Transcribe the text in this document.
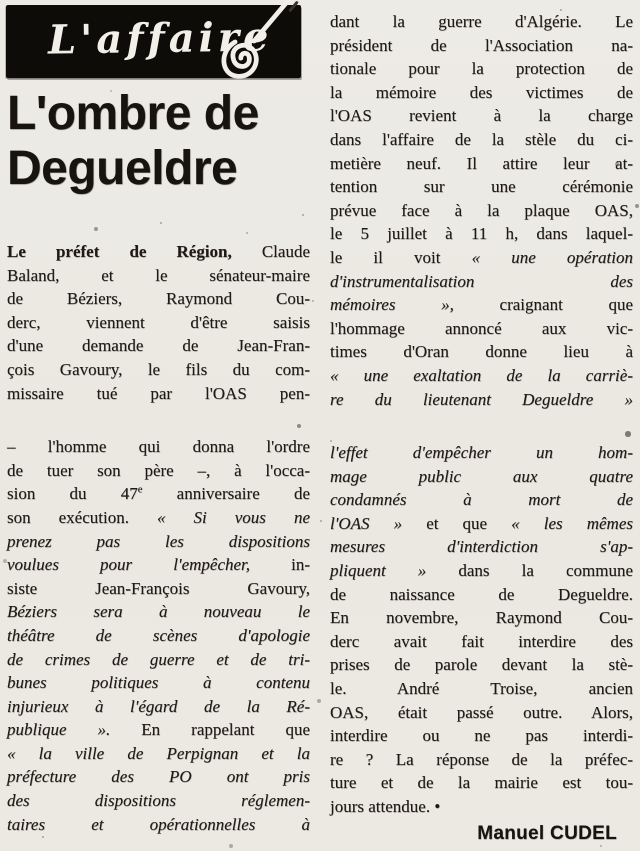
L'affaire
L'ombre de Degueldre
Le préfet de Région, Claude
Baland, et le sénateur-maire
de Béziers, Raymond Cou-
derc, viennent d'être saisis
d'une demande de Jean-Fran-
çois Gavoury, le fils du com-
missaire tué par l'OAS pen-
– l'homme qui donna l'ordre
de tuer son père –, à l'occa-
sion du 47e anniversaire de
son exécution. « Si vous ne
prenez pas les dispositions
voulues pour l'empêcher, in-
siste Jean-François Gavoury,
Béziers sera à nouveau le
théâtre de scènes d'apologie
de crimes de guerre et de tri-
bunes politiques à contenu
injurieux à l'égard de la Ré-
publique ». En rappelant que
« la ville de Perpignan et la
préfecture des PO ont pris
des dispositions réglemen-
taires et opérationnelles à
dant la guerre d'Algérie. Le
président de l'Association na-
tionale pour la protection de
la mémoire des victimes de
l'OAS revient à la charge
dans l'affaire de la stèle du ci-
metière neuf. Il attire leur at-
tention sur une cérémonie
prévue face à la plaque OAS,
le 5 juillet à 11 h, dans laquel-
le il voit « une opération
d'instrumentalisation des
mémoires », craignant que
l'hommage annoncé aux vic-
times d'Oran donne lieu à
« une exaltation de la carriè-
re du lieutenant Degueldre »
l'effet d'empêcher un hom-
mage public aux quatre
condamnés à mort de
l'OAS » et que « les mêmes
mesures d'interdiction s'ap-
pliquent » dans la commune
de naissance de Degueldre.
En novembre, Raymond Cou-
derc avait fait interdire des
prises de parole devant la stè-
le. André Troise, ancien
OAS, était passé outre. Alors,
interdire ou ne pas interdi-
re ? La réponse de la préfec-
ture et de la mairie est tou-
jours attendue. •
Manuel CUDEL
